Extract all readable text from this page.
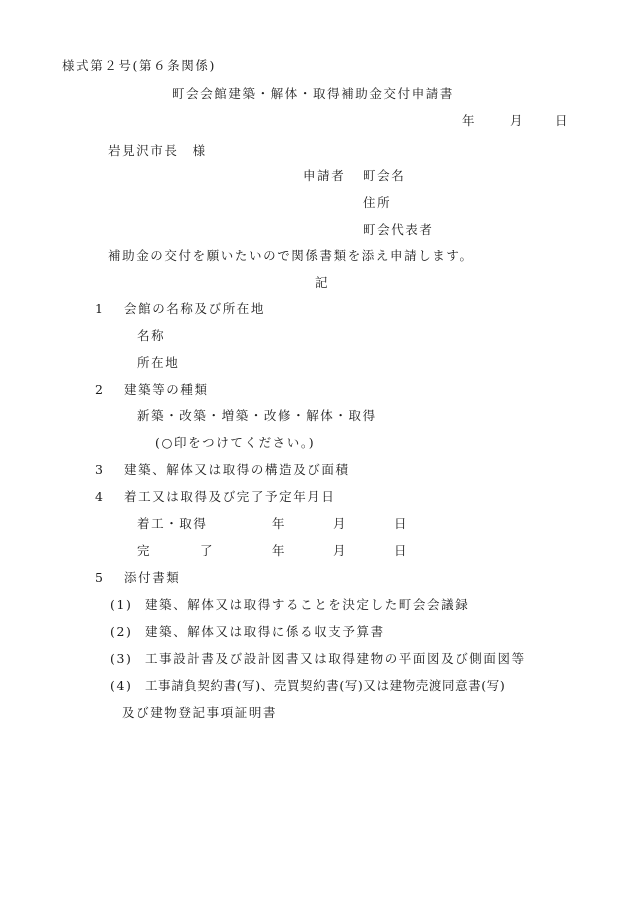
様式第２号(第６条関係)
町会会館建築・解体・取得補助金交付申請書
年	月 日
岩見沢市長　様
申請者 町会名
住所
町会代表者
補助金の交付を願いたいので関係書類を添え申請します。
記
1 会館の名称及び所在地
名称
所在地
2 建築等の種類
新築・改築・増築・改修・解体・取得
(○印をつけてください。)
3 建築、解体又は取得の構造及び面積
4 着工又は取得及び完了予定年月日
着工・取得	年	月	日
完	了	年	月	日
5 添付書類
(1) 建築、解体又は取得することを決定した町会会議録
(2) 建築、解体又は取得に係る収支予算書
(3) 工事設計書及び設計図書又は取得建物の平面図及び側面図等
(4) 工事請負契約書(写)、売買契約書(写)又は建物売渡同意書(写)
及び建物登記事項証明書
